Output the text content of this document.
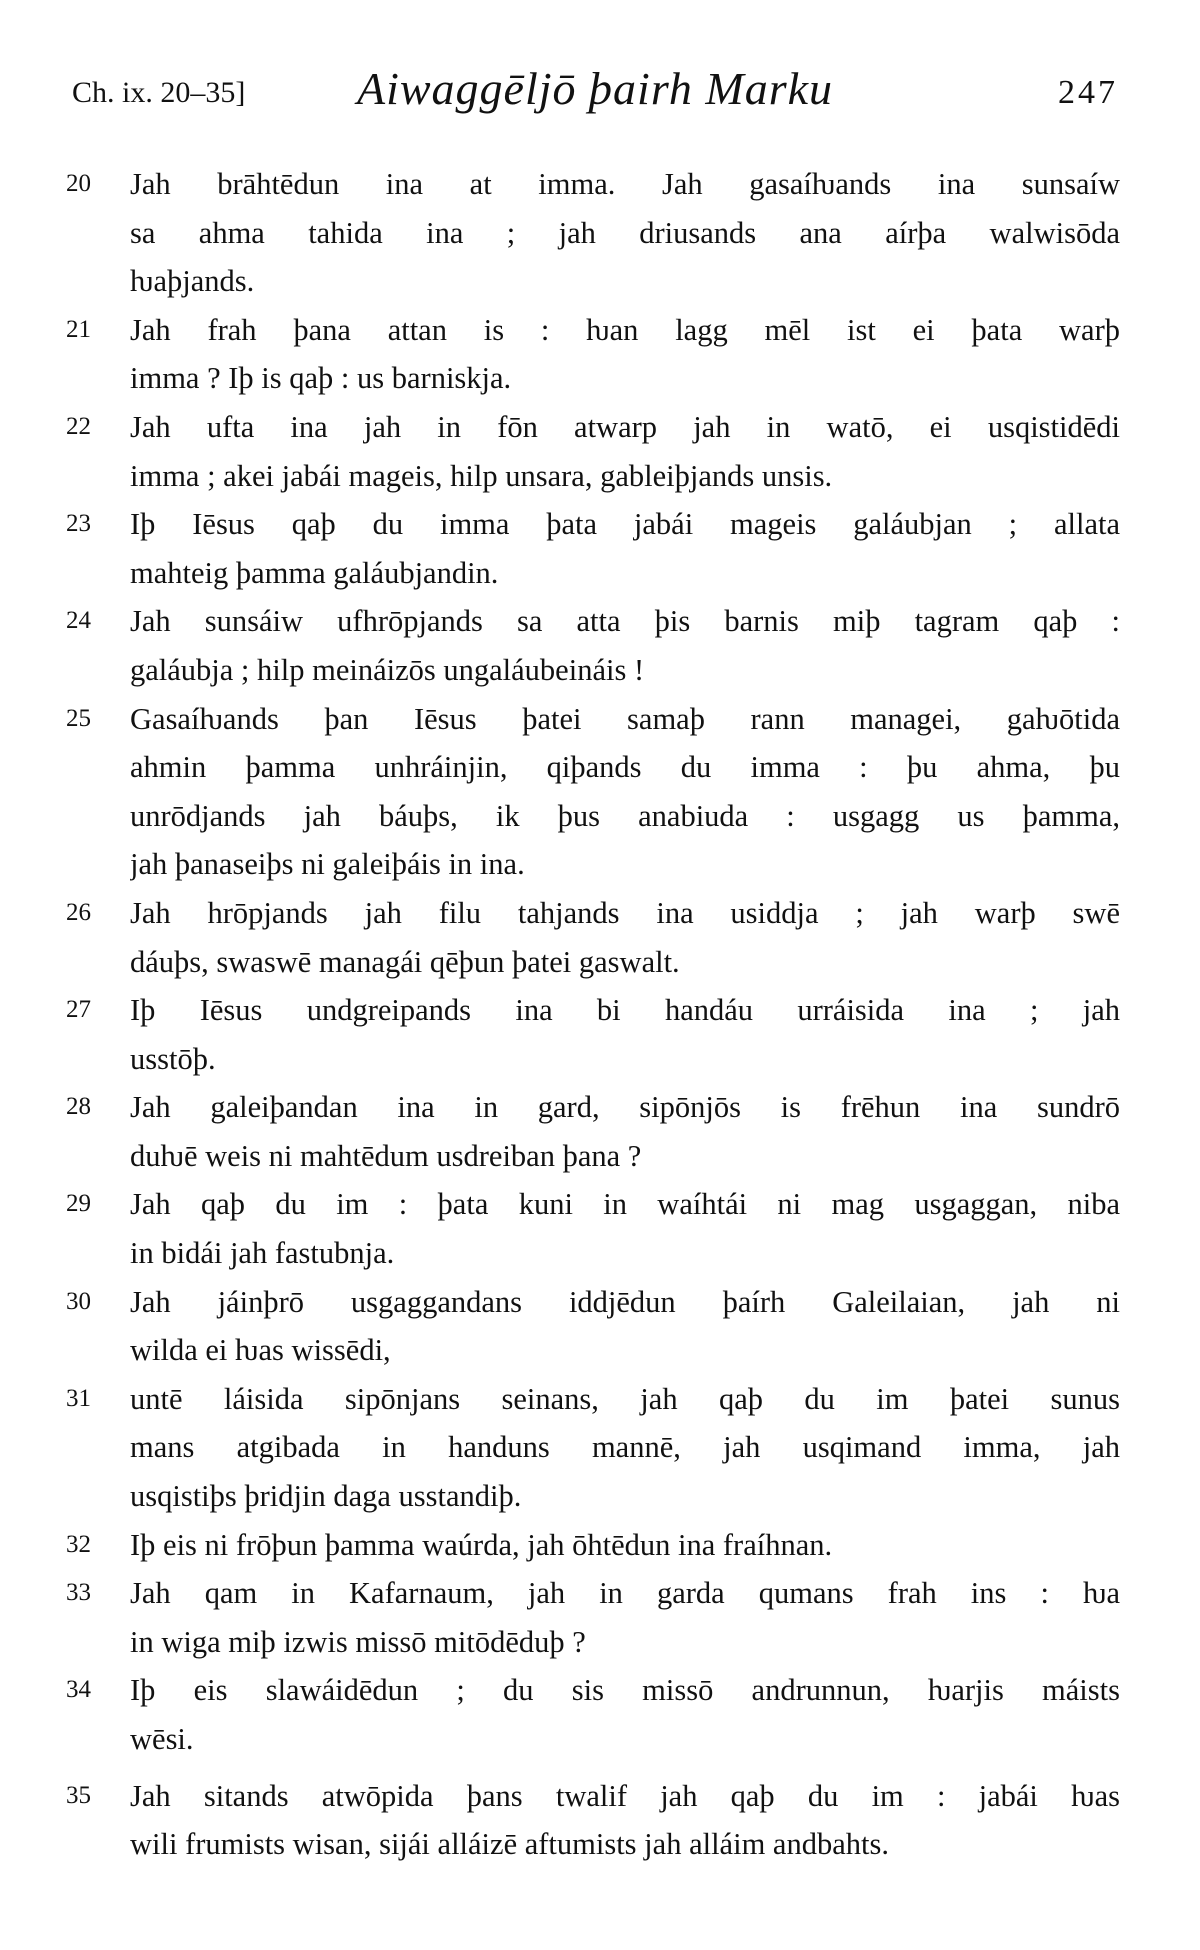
Ch. ix. 20–35] Aiwaggēljō þairh Marku	247
20	Jah brāhtēdun ina at imma. Jah gasaíƕands ina sunsaíw
sa ahma tahida ina ; jah driusands ana aírþa walwisōda
ƕaþjands.
21	Jah frah þana attan is : ƕan lagg mēl ist ei þata warþ
imma ? Iþ is qaþ : us barniskja.
22	Jah ufta ina jah in fōn atwarp jah in watō, ei usqistidēdi
imma ; akei jabái mageis, hilp unsara, gableiþjands unsis.
23	Iþ Iēsus qaþ du imma þata jabái mageis galáubjan ; allata
mahteig þamma galáubjandin.
24	Jah sunsáiw ufhrōpjands sa atta þis barnis miþ tagram qaþ :
galáubja ; hilp meináizōs ungaláubeináis !
25	Gasaíƕands þan Iēsus þatei samaþ rann managei, gaƕōtida
ahmin þamma unhráinjin, qiþands du imma : þu ahma, þu
unrōdjands jah báuþs, ik þus anabiuda : usgagg us þamma,
jah þanaseiþs ni galeiþáis in ina.
26	Jah hrōpjands jah filu tahjands ina usiddja ; jah warþ swē
dáuþs, swaswē managái qēþun þatei gaswalt.
27	Iþ Iēsus undgreipands ina bi handáu urráisida ina ; jah
usstōþ.
28	Jah galeiþandan ina in gard, sipōnjōs is frēhun ina sundrō
duƕē weis ni mahtēdum usdreiban þana ?
29	Jah qaþ du im : þata kuni in waíhtái ni mag usgaggan, niba
in bidái jah fastubnja.
30	Jah jáinþrō usgaggandans iddjēdun þaírh Galeilaian, jah ni
wilda ei ƕas wissēdi,
31	untē láisida sipōnjans seinans, jah qaþ du im þatei sunus
mans atgibada in handuns mannē, jah usqimand imma, jah
usqistiþs þridjin daga usstandiþ.
32	Iþ eis ni frōþun þamma waúrda, jah ōhtēdun ina fraíhnan.
33	Jah qam in Kafarnaum, jah in garda qumans frah ins : ƕa
in wiga miþ izwis missō mitōdēduþ ?
34	Iþ eis slawáidēdun ; du sis missō andrunnun, ƕarjis máists
wēsi.
35	Jah sitands atwōpida þans twalif jah qaþ du im : jabái ƕas
wili frumists wisan, sijái alláizē aftumists jah alláim andbahts.
